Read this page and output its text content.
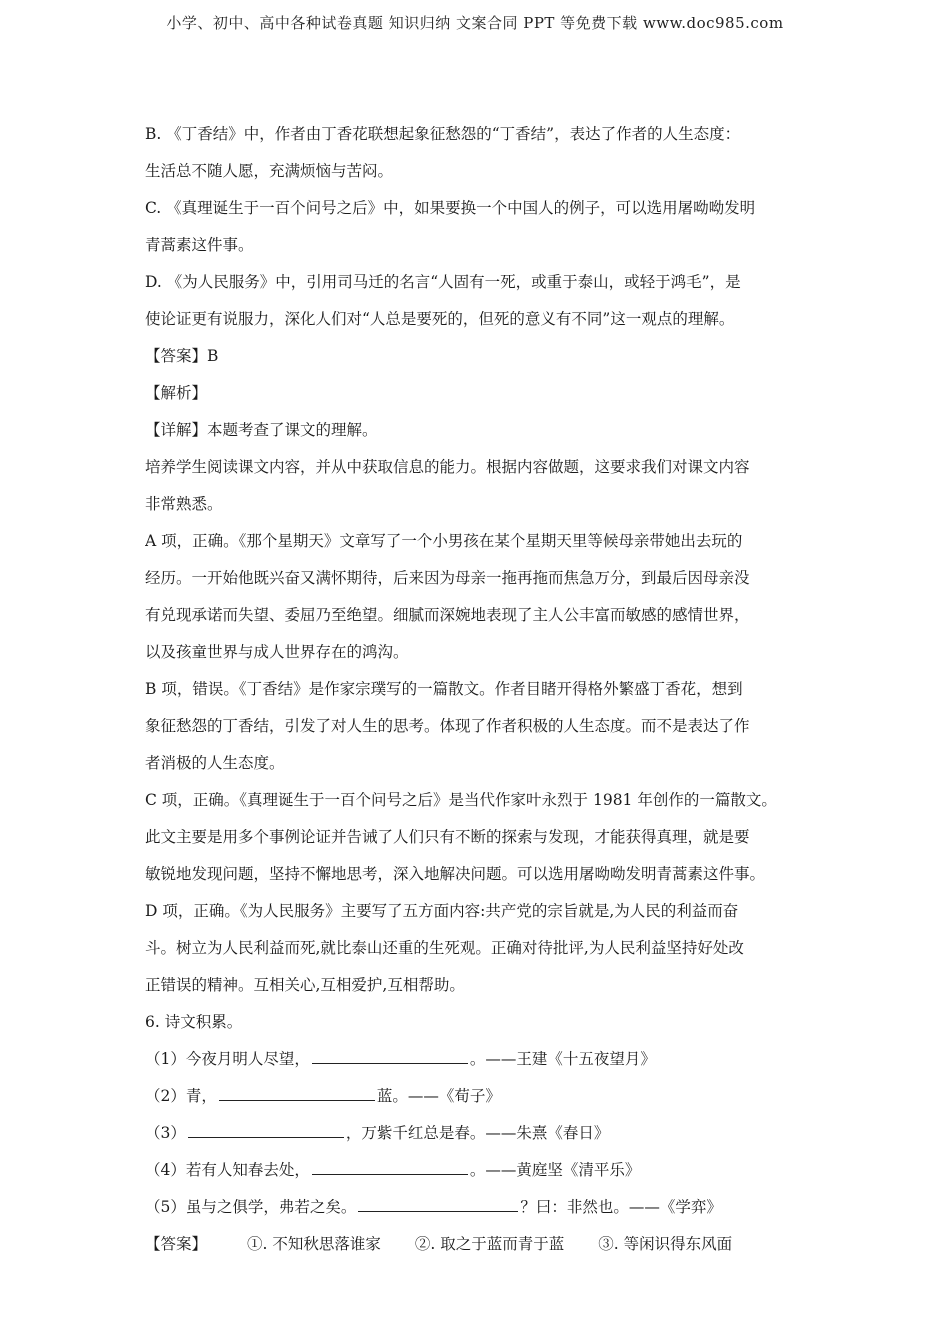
小学、初中、高中各种试卷真题 知识归纳 文案合同 PPT 等免费下载 www.doc985.com
B. 《丁香结》中，作者由丁香花联想起象征愁怨的“丁香结”，表达了作者的人生态度：
生活总不随人愿，充满烦恼与苦闷。
C. 《真理诞生于一百个问号之后》中，如果要换一个中国人的例子，可以选用屠呦呦发明
青蒿素这件事。
D. 《为人民服务》中，引用司马迁的名言“人固有一死，或重于泰山，或轻于鸿毛”，是
使论证更有说服力，深化人们对“人总是要死的，但死的意义有不同”这一观点的理解。
【答案】B
【解析】
【详解】本题考查了课文的理解。
培养学生阅读课文内容，并从中获取信息的能力。根据内容做题，这要求我们对课文内容
非常熟悉。
A 项，正确。《那个星期天》文章写了一个小男孩在某个星期天里等候母亲带她出去玩的
经历。一开始他既兴奋又满怀期待，后来因为母亲一拖再拖而焦急万分，到最后因母亲没
有兑现承诺而失望、委屈乃至绝望。细腻而深婉地表现了主人公丰富而敏感的感情世界，
以及孩童世界与成人世界存在的鸿沟。
B 项，错误。《丁香结》是作家宗璞写的一篇散文。作者目睹开得格外繁盛丁香花，想到
象征愁怨的丁香结，引发了对人生的思考。体现了作者积极的人生态度。而不是表达了作
者消极的人生态度。
C 项，正确。《真理诞生于一百个问号之后》是当代作家叶永烈于 1981 年创作的一篇散文。
此文主要是用多个事例论证并告诫了人们只有不断的探索与发现，才能获得真理，就是要
敏锐地发现问题，坚持不懈地思考，深入地解决问题。可以选用屠呦呦发明青蒿素这件事。
D 项，正确。《为人民服务》主要写了五方面内容:共产党的宗旨就是,为人民的利益而奋
斗。树立为人民利益而死,就比泰山还重的生死观。正确对待批评,为人民利益坚持好处改
正错误的精神。互相关心,互相爱护,互相帮助。
6. 诗文积累。
（1）今夜月明人尽望，	。——王建《十五夜望月》
（2）青，	蓝。——《荀子》
（3）	，万紫千红总是春。——朱熹《春日》
（4）若有人知春去处，	。——黄庭坚《清平乐》
（5）虽与之俱学，弗若之矣。	？曰：非然也。——《学弈》
【答案】	①. 不知秋思落谁家 ②. 取之于蓝而青于蓝 ③. 等闲识得东风面
